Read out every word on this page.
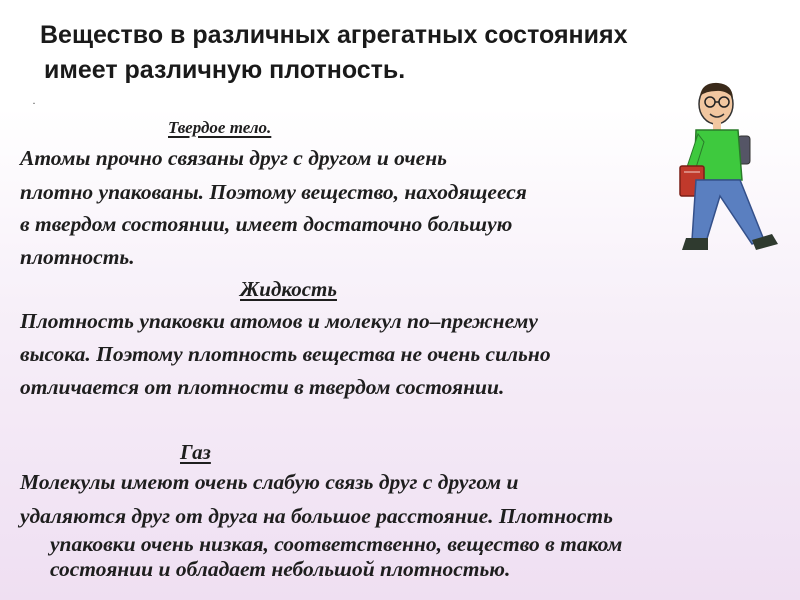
Вещество в различных агрегатных состояниях
имеет различную плотность.
·
Твердое тело.
Атомы прочно связаны друг с другом и очень
плотно упакованы. Поэтому вещество, находящееся
в твердом состоянии, имеет достаточно большую
плотность.
Жидкость
Плотность упаковки атомов и молекул по–прежнему
высока. Поэтому плотность вещества не очень сильно
отличается от плотности в твердом состоянии.
Газ
Молекулы имеют очень слабую связь друг с другом и
удаляются друг от друга на большое расстояние. Плотность
упаковки очень низкая, соответственно, вещество в таком
состоянии и обладает небольшой плотностью.
